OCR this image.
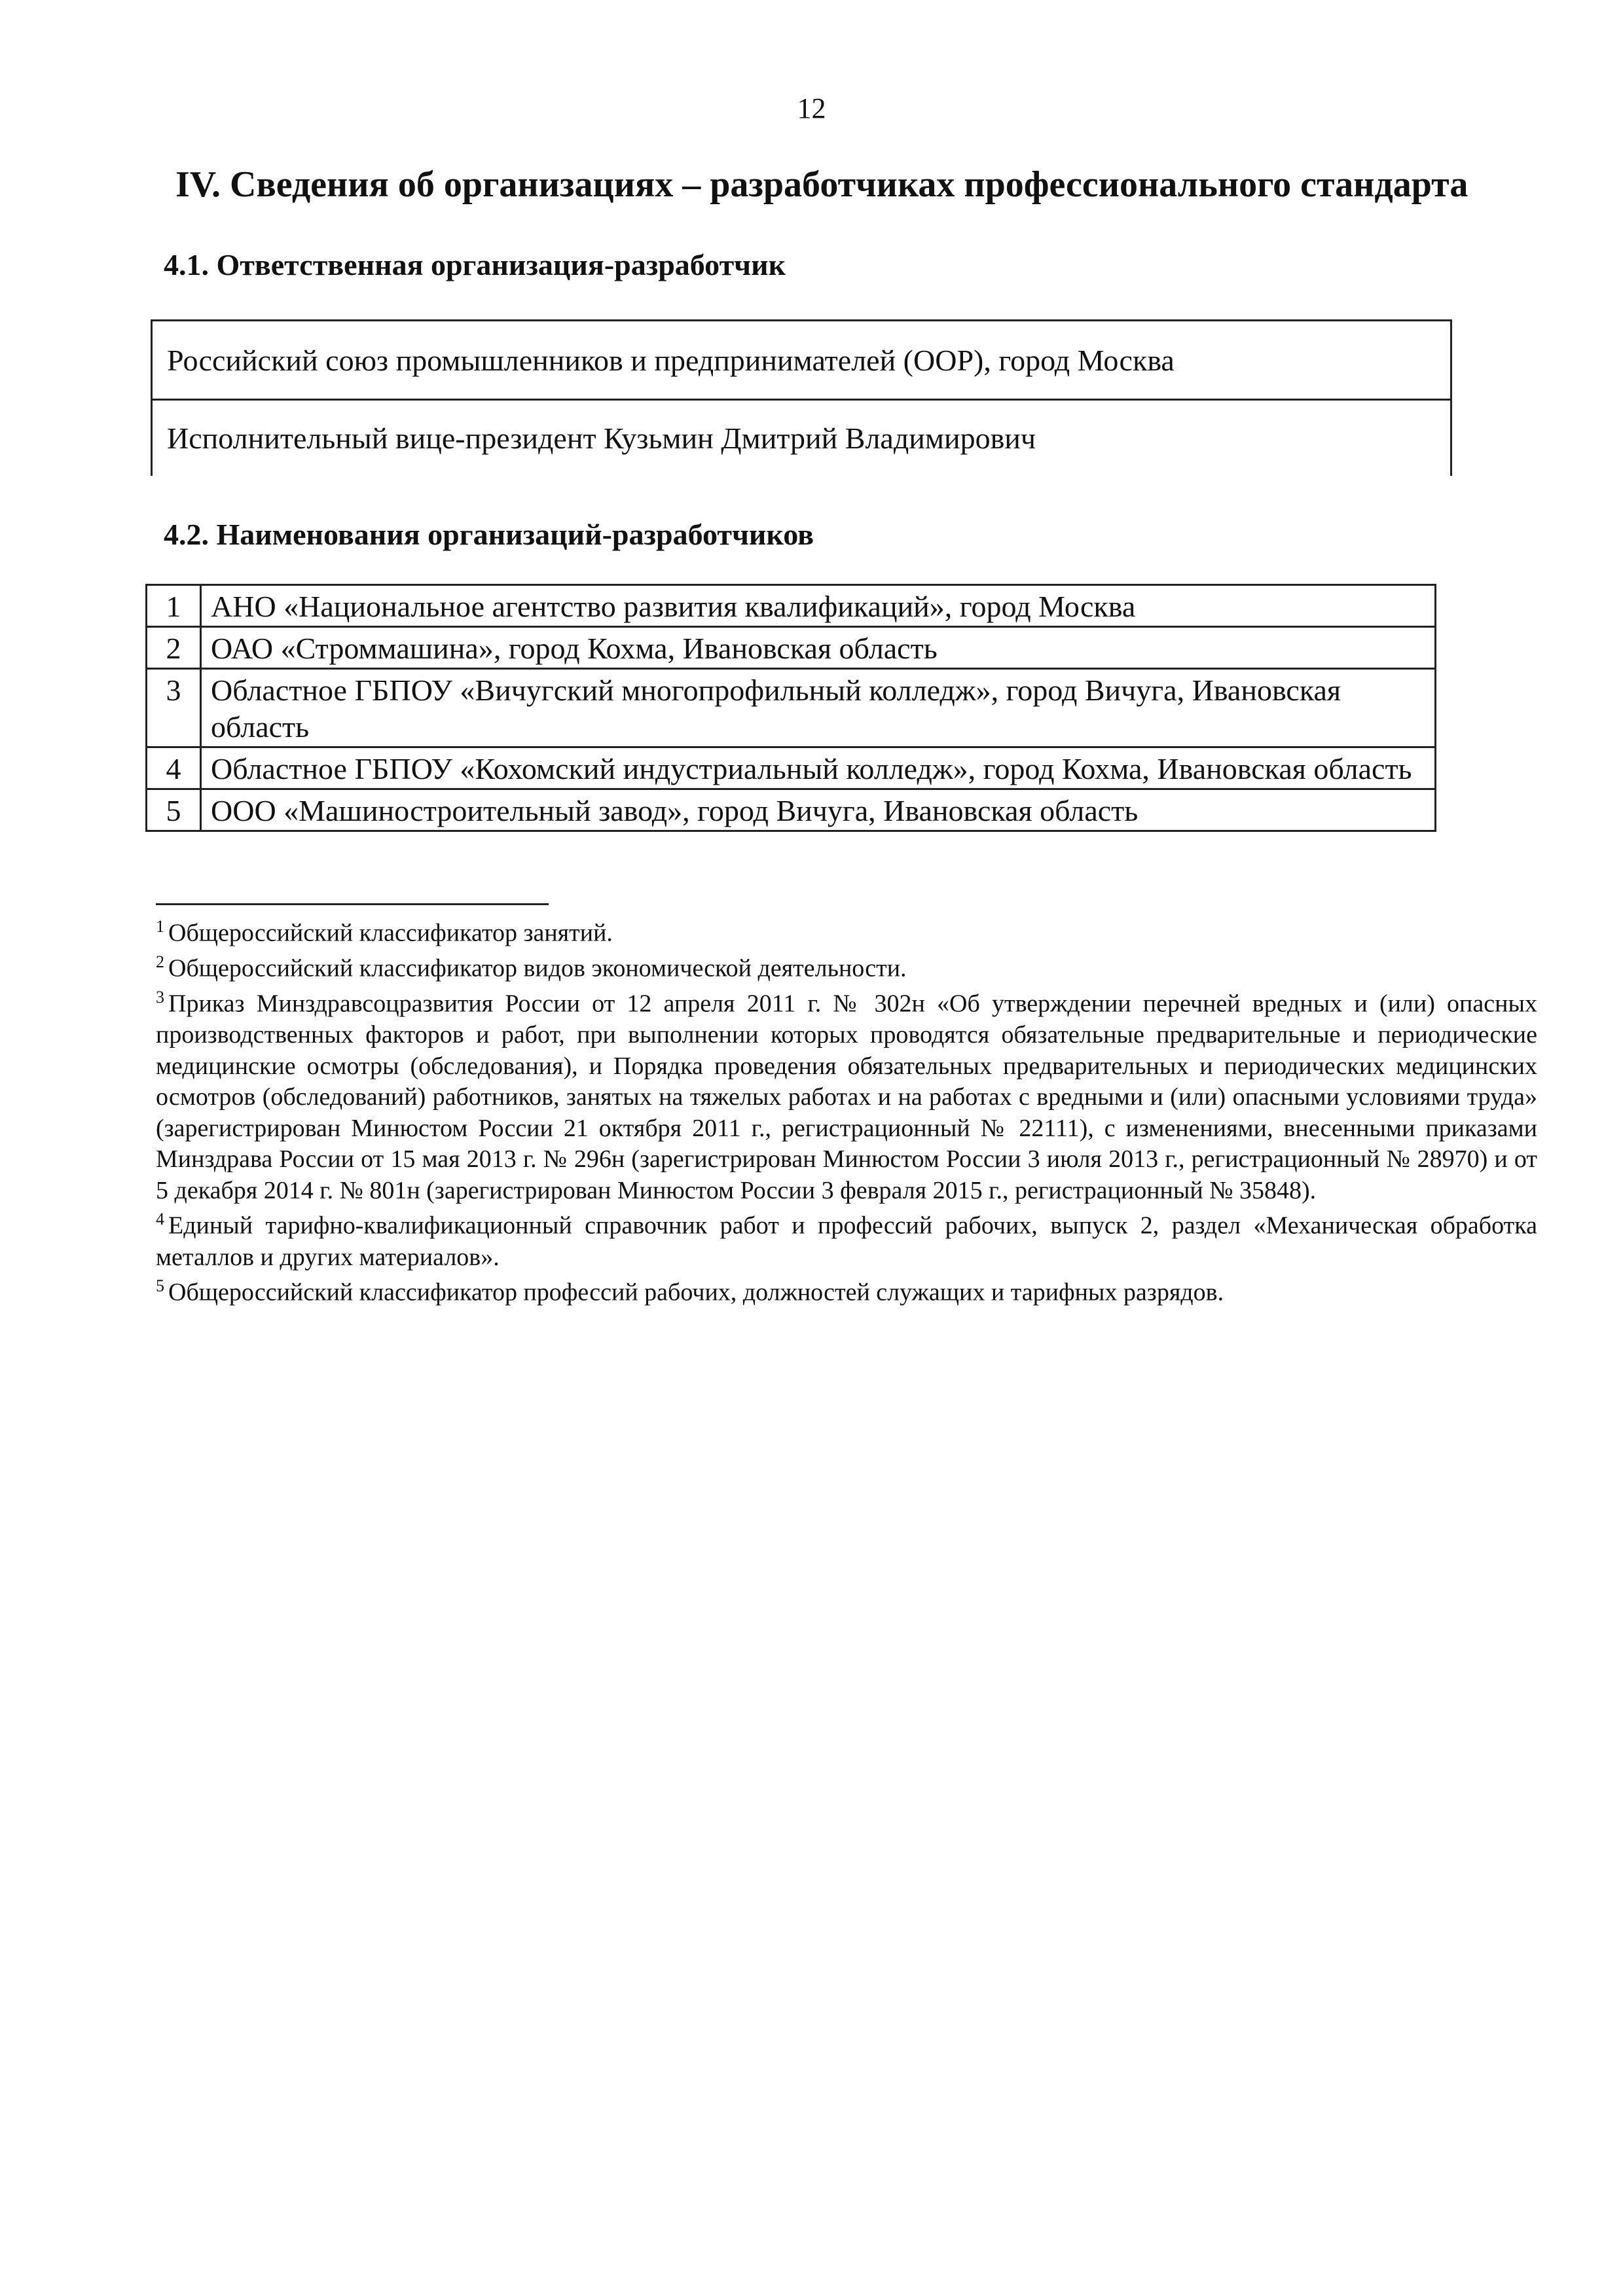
12
IV. Сведения об организациях – разработчиках профессионального стандарта
4.1. Ответственная организация-разработчик
Российский союз промышленников и предпринимателей (ООР), город Москва
Исполнительный вице-президент Кузьмин Дмитрий Владимирович
4.2. Наименования организаций-разработчиков
1	АНО «Национальное агентство развития квалификаций», город Москва
2	ОАО «Строммашина», город Кохма, Ивановская область
3	Областное ГБПОУ «Вичугский многопрофильный колледж», город Вичуга, Ивановская область
4	Областное ГБПОУ «Кохомский индустриальный колледж», город Кохма, Ивановская область
5	ООО «Машиностроительный завод», город Вичуга, Ивановская область

$^1$ Общероссийский классификатор занятий.

$^2$ Общероссийский классификатор видов экономической деятельности.

$^3$ Приказ Минздравсоцразвития России от 12 апреля 2011 г. № 302н «Об утверждении перечней вредных и (или) опасных производственных факторов и работ, при выполнении которых проводятся обязательные предварительные и периодические медицинские осмотры (обследования), и Порядка проведения обязательных предварительных и периодических медицинских осмотров (обследований) работников, занятых на тяжелых работах и на работах с вредными и (или) опасными условиями труда» (зарегистрирован Минюстом России 21 октября 2011 г., регистрационный № 22111), с изменениями, внесенными приказами Минздрава России от 15 мая 2013 г. № 296н (зарегистрирован Минюстом России 3 июля 2013 г., регистрационный № 28970) и от 5 декабря 2014 г. № 801н (зарегистрирован Минюстом России 3 февраля 2015 г., регистрационный № 35848).

$^4$ Единый тарифно-квалификационный справочник работ и профессий рабочих, выпуск 2, раздел «Механическая обработка металлов и других материалов».

$^5$ Общероссийский классификатор профессий рабочих, должностей служащих и тарифных разрядов.
